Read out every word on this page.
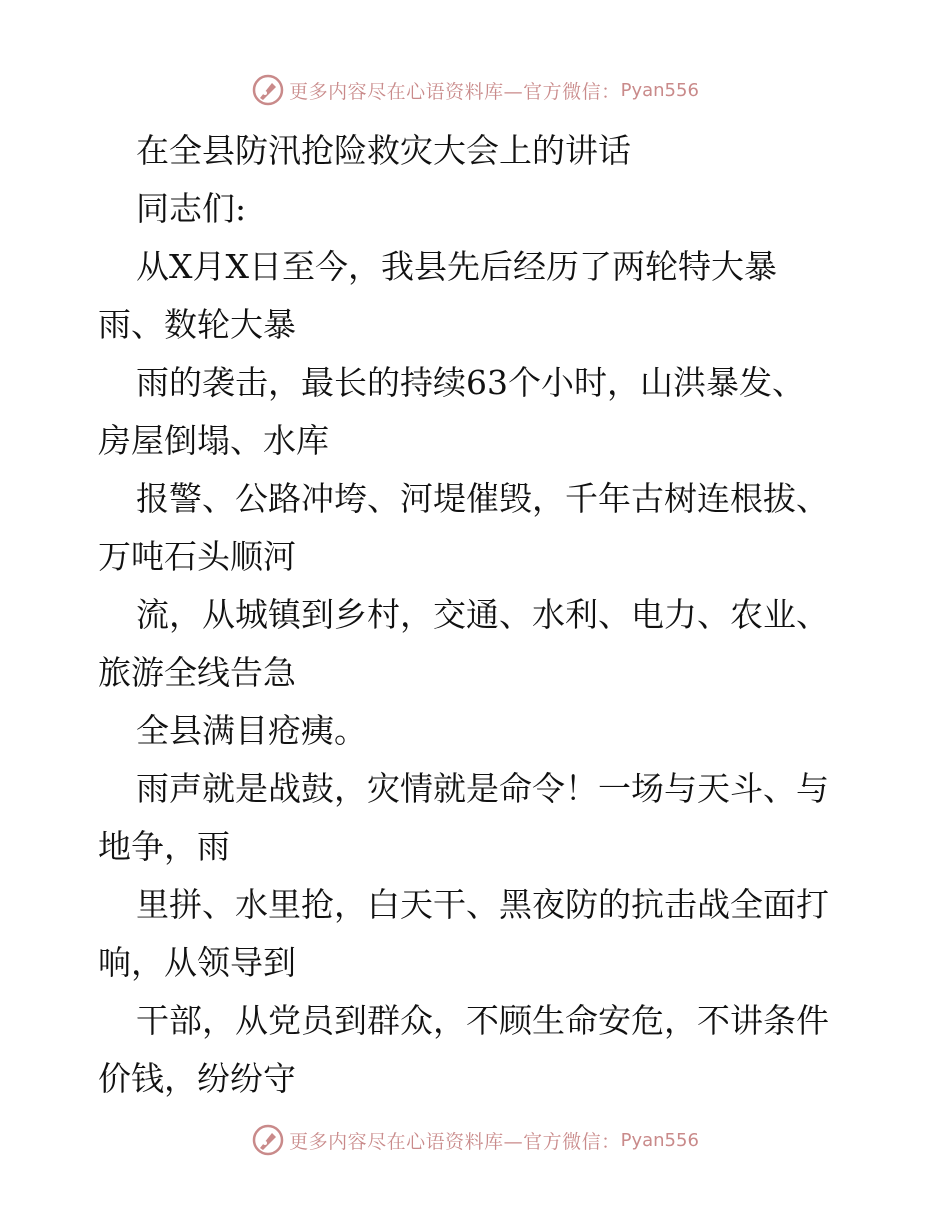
更多内容尽在心语资料库—官方微信： Pyan556
在全县防汛抢险救灾大会上的讲话
同志们:
从X月X日至今，我县先后经历了两轮特大暴
雨、数轮大暴
雨的袭击，最长的持续63个小时，山洪暴发、
房屋倒塌、水库
报警、公路冲垮、河堤催毁，千年古树连根拔、
万吨石头顺河
流，从城镇到乡村，交通、水利、电力、农业、
旅游全线告急
全县满目疮痍。
雨声就是战鼓，灾情就是命令！一场与天斗、与
地争，雨
里拼、水里抢，白天干、黑夜防的抗击战全面打
响，从领导到
干部，从党员到群众，不顾生命安危，不讲条件
价钱，纷纷守
更多内容尽在心语资料库—官方微信： Pyan556
